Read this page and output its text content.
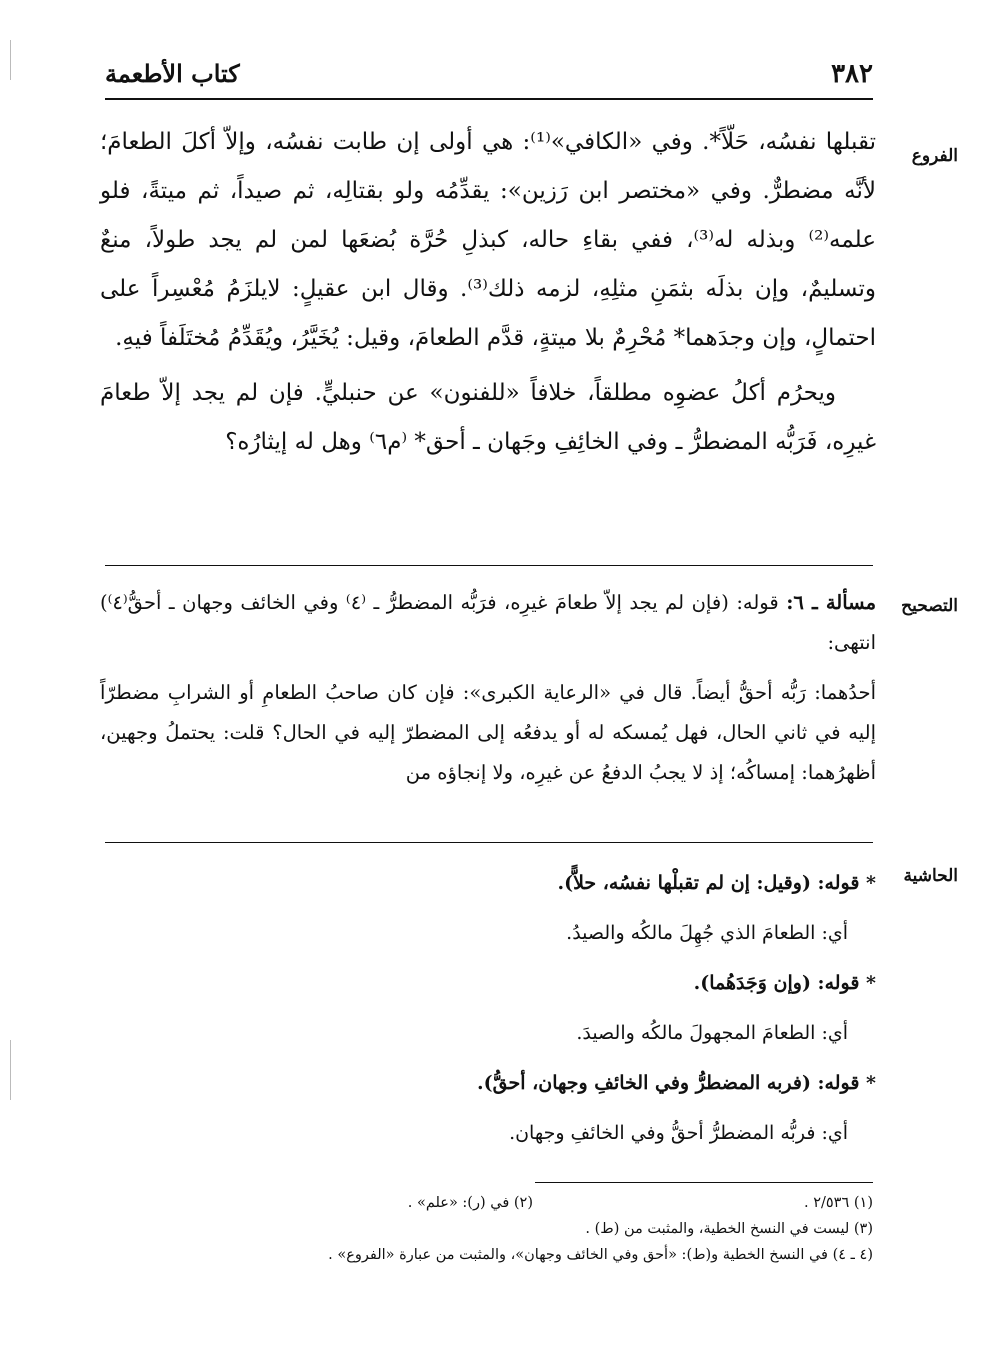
٣٨٢
كتاب الأطعمة
الفروع

تقبلها نفسُه، حَلّاً*. وفي «الكافي»⁽¹⁾: هي أولى إن طابت نفسُه، وإلاّ أكلَ الطعامَ؛ لأنَّه مضطرٌّ. وفي «مختصر ابن رَزين»: يقدِّمُه ولو بقتالِه، ثم صيداً، ثم ميتةً، فلو علمه⁽²⁾ وبذله له⁽³⁾، ففي بقاءِ حاله، كبذلِ حُرَّة بُضعَها لمن لم يجد طولاً، منعٌ وتسليمٌ، وإن بذلَه بثمَنِ مثلِهِ، لزمه ذلك⁽³⁾. وقال ابن عقيلٍ: لايلزَمُ مُعْسِراً على احتمالٍ، وإن وجدَهما* مُحْرِمٌ بلا ميتةٍ، قدَّم الطعامَ، وقيل: يُخَيَّرُ، ويُقَدِّمُ مُختَلَفاً فيهِ.

ويحرُم أكلُ عضوِه مطلقاً، خلافاً «للفنون» عن حنبليٍّ. فإن لم يجد إلاّ طعامَ غيرِه، فَرَبُّه المضطرُّ ـ وفي الخائِفِ وجَهان ـ أحق* ⁽م٦⁾ وهل له إيثارُه؟

التصحيح

مسألة ـ ٦: قوله: (فإن لم يجد إلاّ طعامَ غيرِه، فرَبُّه المضطرُّ ـ ⁽٤⁾ وفي الخائف وجهان ـ أحقُّ⁽٤⁾) انتهى:

أحدُهما: رَبُّه أحقُّ أيضاً. قال في «الرعاية الكبرى»: فإن كان صاحبُ الطعامِ أو الشرابِ مضطرّاً إليه في ثاني الحال، فهل يُمسكه له أو يدفعُه إلى المضطرّ إليه في الحال؟ قلت: يحتملُ وجهين، أظهرُهما: إمساكُه؛ إذ لا يجبُ الدفعُ عن غيرِه، ولا إنجاؤه من

الحاشية

* قوله: (وقيل: إن لم تقبلْها نفسُه، حلاًّ).

أي: الطعامَ الذي جُهِلَ مالكُه والصيدُ.

* قوله: (وإن وَجَدَهُما).

أي: الطعامَ المجهولَ مالكُه والصيدَ.

* قوله: (فربه المضطرُّ وفي الخائفِ وجهان، أحقُّ).

أي: فربُّه المضطرُّ أحقُّ وفي الخائفِ وجهان.

(١) ٢/٥٣٦ .
(٢) في (ر): «علم» .
(٣) ليست في النسخ الخطية، والمثبت من (ط) .
(٤ ـ ٤) في النسخ الخطية و(ط): «أحق وفي الخائف وجهان»، والمثبت من عبارة «الفروع» .
